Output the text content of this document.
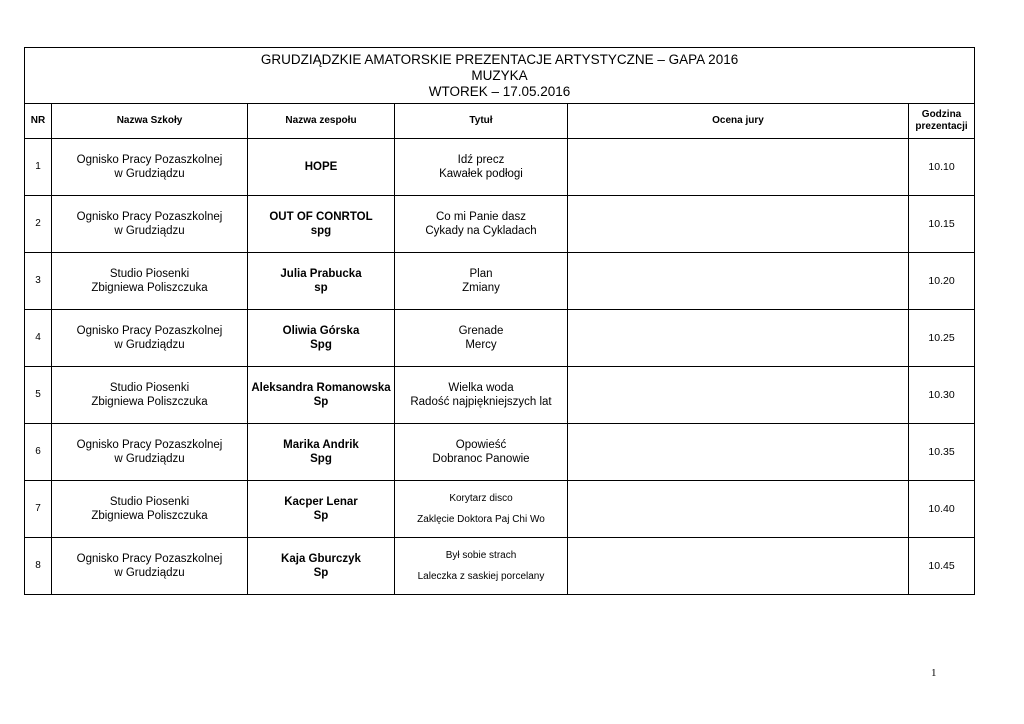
GRUDZIĄDZKIE AMATORSKIE PREZENTACJE ARTYSTYCZNE – GAPA 2016
MUZYKA
WTOREK – 17.05.2016					

NR	Nazwa Szkoły	Nazwa zespołu	Tytuł	Ocena jury	Godzina
prezentacji

1	Ognisko Pracy Pozaszkolnej
w Grudziądzu	HOPE	Idź precz
Kawałek podłogi		10.10
2	Ognisko Pracy Pozaszkolnej
w Grudziądzu	OUT OF CONRTOL
spg	Co mi Panie dasz
Cykady na Cykladach		10.15
3	Studio Piosenki
Zbigniewa Poliszczuka	Julia Prabucka
sp	Plan
Zmiany		10.20
4	Ognisko Pracy Pozaszkolnej
w Grudziądzu	Oliwia Górska
Spg	Grenade
Mercy		10.25
5	Studio Piosenki
Zbigniewa Poliszczuka	Aleksandra Romanowska
Sp	Wielka woda
Radość najpiękniejszych lat		10.30
6	Ognisko Pracy Pozaszkolnej
w Grudziądzu	Marika Andrik
Spg	Opowieść
Dobranoc Panowie		10.35
7	Studio Piosenki
Zbigniewa Poliszczuka	Kacper Lenar
Sp	Korytarz disco
Zaklęcie Doktora Paj Chi Wo		10.40
8	Ognisko Pracy Pozaszkolnej
w Grudziądzu	Kaja Gburczyk
Sp	Był sobie strach
Laleczka z saskiej porcelany		10.45
1
